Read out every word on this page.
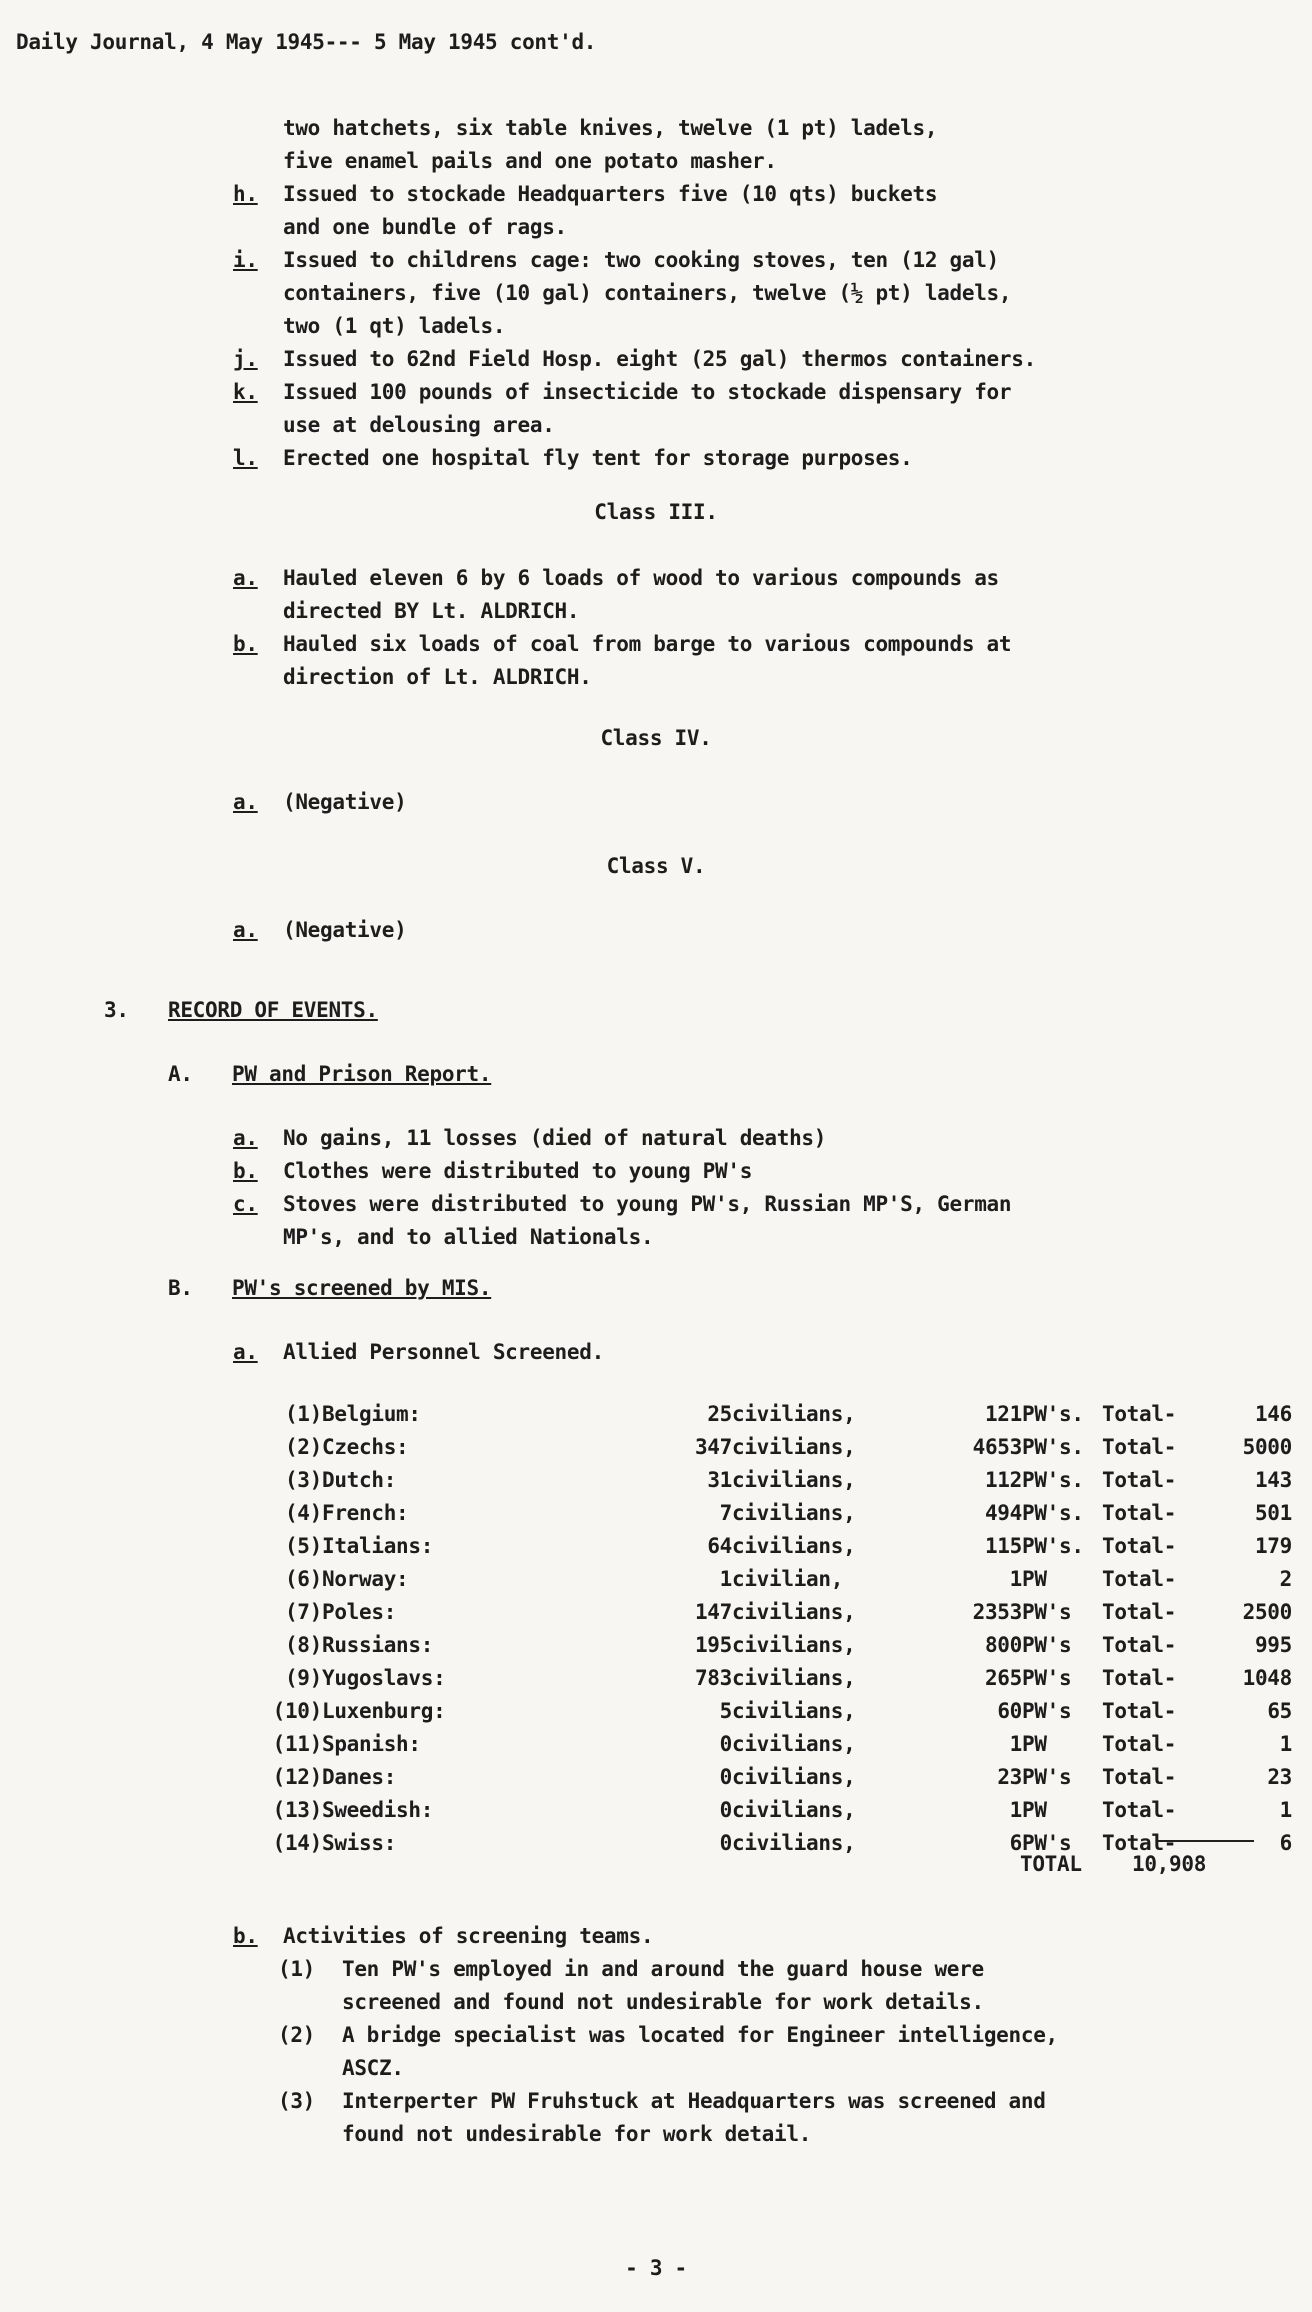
Daily Journal, 4 May 1945--- 5 May 1945 cont'd.

two hatchets, six table knives, twelve (1 pt) ladels,

five enamel pails and one potato masher.

h. Issued to stockade Headquarters five (10 qts) buckets

and one bundle of rags.

i. Issued to childrens cage: two cooking stoves, ten (12 gal)

containers, five (10 gal) containers, twelve (½ pt) ladels,

two (1 qt) ladels.

j. Issued to 62nd Field Hosp. eight (25 gal) thermos containers.

k. Issued 100 pounds of insecticide to stockade dispensary for

use at delousing area.

l. Erected one hospital fly tent for storage purposes.

Class III.

a. Hauled eleven 6 by 6 loads of wood to various compounds as

directed BY Lt. ALDRICH.

b. Hauled six loads of coal from barge to various compounds at

direction of Lt. ALDRICH.

Class IV.

a. (Negative)

Class V.

a. (Negative)

3. RECORD OF EVENTS.

A. PW and Prison Report.

a. No gains, 11 losses (died of natural deaths)

b. Clothes were distributed to young PW's

c. Stoves were distributed to young PW's, Russian MP'S, German

MP's, and to allied Nationals.

B. PW's screened by MIS.

a. Allied Personnel Screened.

(1)	Belgium:	25	civilians,	121	PW's.	Total-	146
(2)	Czechs:	347	civilians,	4653	PW's.	Total-	5000
(3)	Dutch:	31	civilians,	112	PW's.	Total-	143
(4)	French:	7	civilians,	494	PW's.	Total-	501
(5)	Italians:	64	civilians,	115	PW's.	Total-	179
(6)	Norway:	1	civilian,	1	PW	Total-	2
(7)	Poles:	147	civilians,	2353	PW's	Total-	2500
(8)	Russians:	195	civilians,	800	PW's	Total-	995
(9)	Yugoslavs:	783	civilians,	265	PW's	Total-	1048
(10)	Luxenburg:	5	civilians,	60	PW's	Total-	65
(11)	Spanish:	0	civilians,	1	PW	Total-	1
(12)	Danes:	0	civilians,	23	PW's	Total-	23
(13)	Sweedish:	0	civilians,	1	PW	Total-	1
(14)	Swiss:	0	civilians,	6	PW's	Total-	6

TOTAL 10,908

b. Activities of screening teams.

(1) Ten PW's employed in and around the guard house were

screened and found not undesirable for work details.

(2) A bridge specialist was located for Engineer intelligence,

ASCZ.

(3) Interperter PW Fruhstuck at Headquarters was screened and

found not undesirable for work detail.

- 3 -
